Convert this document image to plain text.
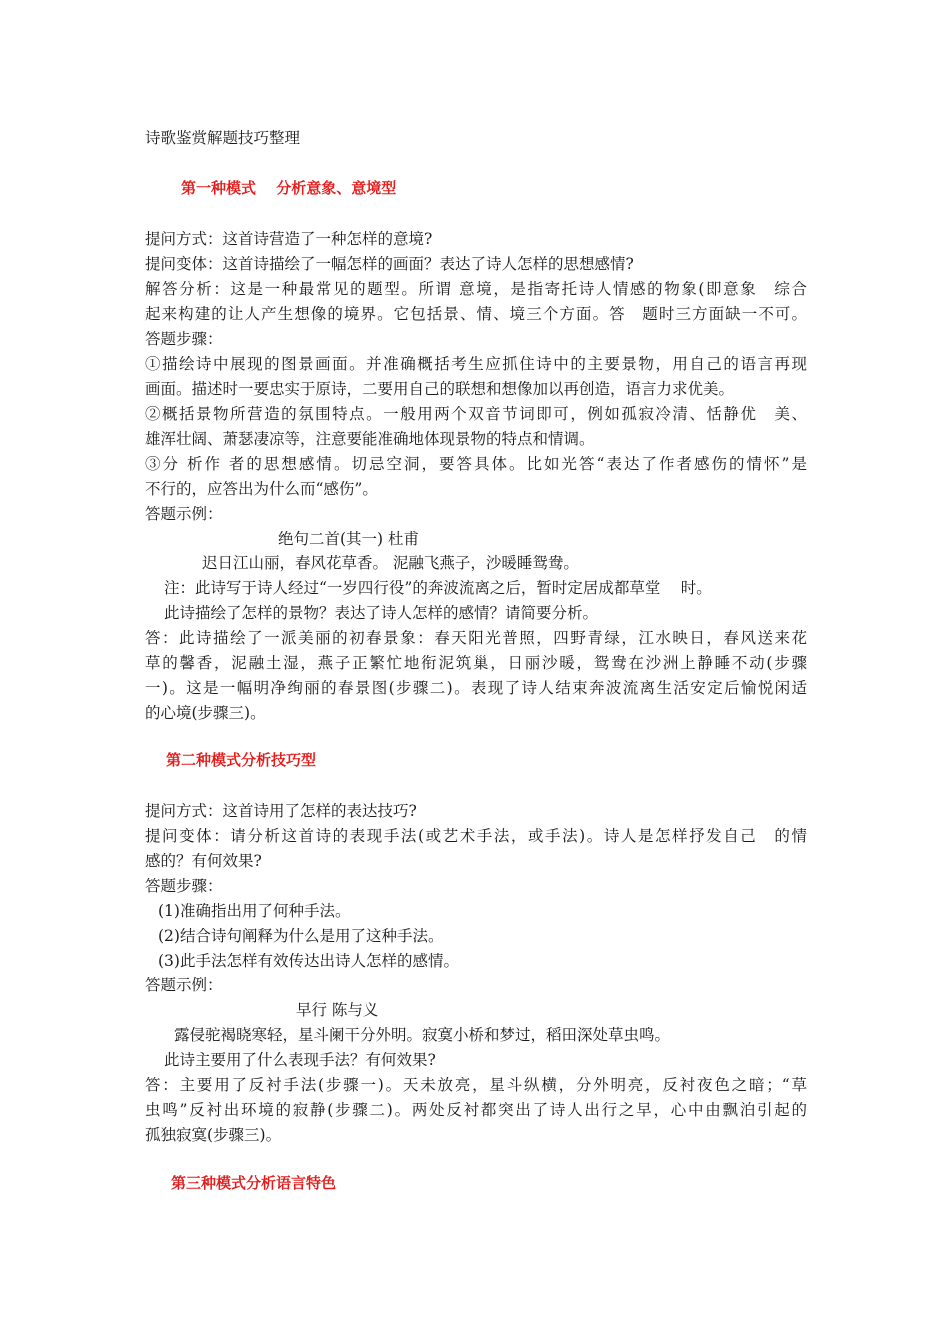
诗歌鉴赏解题技巧整理
第一种模式　 分析意象、意境型
提问方式：这首诗营造了一种怎样的意境?
提问变体：这首诗描绘了一幅怎样的画面？表达了诗人怎样的思想感情?
解答分析：这是一种最常见的题型。所谓 意境，是指寄托诗人情感的物象(即意象　综合
起来构建的让人产生想像的境界。它包括景、情、境三个方面。答　题时三方面缺一不可。
答题步骤：
①描绘诗中展现的图景画面。并准确概括考生应抓住诗中的主要景物，用自己的语言再现
画面。描述时一要忠实于原诗，二要用自己的联想和想像加以再创造，语言力求优美。
②概括景物所营造的氛围特点。一般用两个双音节词即可，例如孤寂冷清、恬静优　美、
雄浑壮阔、萧瑟凄凉等，注意要能准确地体现景物的特点和情调。
③分 析作 者的思想感情。切忌空洞，要答具体。比如光答“表达了作者感伤的情怀”是
不行的，应答出为什么而“感伤”。
答题示例：
绝句二首(其一) 杜甫
迟日江山丽，春风花草香。 泥融飞燕子，沙暖睡鸳鸯。
注：此诗写于诗人经过“一岁四行役”的奔波流离之后，暂时定居成都草堂　 时。
此诗描绘了怎样的景物？表达了诗人怎样的感情？请简要分析。
答：此诗描绘了一派美丽的初春景象：春天阳光普照，四野青绿，江水映日，春风送来花
草的馨香，泥融土湿，燕子正繁忙地衔泥筑巢，日丽沙暖，鸳鸯在沙洲上静睡不动(步骤
一)。这是一幅明净绚丽的春景图(步骤二)。表现了诗人结束奔波流离生活安定后愉悦闲适
的心境(步骤三)。
第二种模式分析技巧型
提问方式：这首诗用了怎样的表达技巧?
提问变体：请分析这首诗的表现手法(或艺术手法，或手法)。诗人是怎样抒发自己　的情
感的？有何效果?
答题步骤：
(1)准确指出用了何种手法。
(2)结合诗句阐释为什么是用了这种手法。
(3)此手法怎样有效传达出诗人怎样的感情。
答题示例：
早行 陈与义
露侵驼褐晓寒轻，星斗阑干分外明。寂寞小桥和梦过，稻田深处草虫鸣。
此诗主要用了什么表现手法？有何效果?
答：主要用了反衬手法(步骤一)。天未放亮，星斗纵横，分外明亮，反衬夜色之暗；“草
虫鸣”反衬出环境的寂静(步骤二)。两处反衬都突出了诗人出行之早，心中由飘泊引起的
孤独寂寞(步骤三)。
第三种模式分析语言特色
